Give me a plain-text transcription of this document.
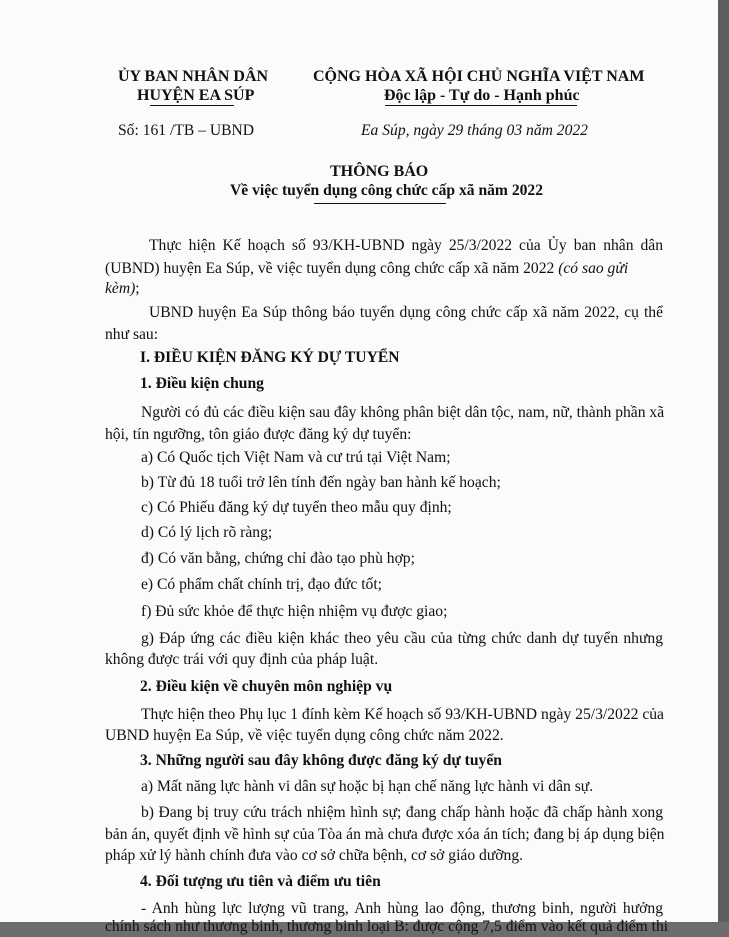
ỦY BAN NHÂN DÂN
HUYỆN EA SÚP
CỘNG HÒA XÃ HỘI CHỦ NGHĨA VIỆT NAM
Độc lập - Tự do - Hạnh phúc
Số: 161 /TB – UBND	Ea Súp, ngày 29 tháng 03 năm 2022
THÔNG BÁO
Về việc tuyển dụng công chức cấp xã năm 2022
Thực hiện Kế hoạch số 93/KH-UBND ngày 25/3/2022 của Ủy ban nhân dân
(UBND) huyện Ea Súp, về việc tuyển dụng công chức cấp xã năm 2022 (có sao gửi
kèm);
UBND huyện Ea Súp thông báo tuyển dụng công chức cấp xã năm 2022, cụ thể
như sau:
I. ĐIỀU KIỆN ĐĂNG KÝ DỰ TUYỂN
1. Điều kiện chung
Người có đủ các điều kiện sau đây không phân biệt dân tộc, nam, nữ, thành phần xã
hội, tín ngưỡng, tôn giáo được đăng ký dự tuyển:
a) Có Quốc tịch Việt Nam và cư trú tại Việt Nam;
b) Từ đủ 18 tuổi trở lên tính đến ngày ban hành kế hoạch;
c) Có Phiếu đăng ký dự tuyển theo mẫu quy định;
d) Có lý lịch rõ ràng;
đ) Có văn bằng, chứng chỉ đào tạo phù hợp;
e) Có phẩm chất chính trị, đạo đức tốt;
f) Đủ sức khỏe để thực hiện nhiệm vụ được giao;
g) Đáp ứng các điều kiện khác theo yêu cầu của từng chức danh dự tuyển nhưng
không được trái với quy định của pháp luật.
2. Điều kiện về chuyên môn nghiệp vụ
Thực hiện theo Phụ lục 1 đính kèm Kế hoạch số 93/KH-UBND ngày 25/3/2022 của
UBND huyện Ea Súp, về việc tuyển dụng công chức năm 2022.
3. Những người sau đây không được đăng ký dự tuyển
a) Mất năng lực hành vi dân sự hoặc bị hạn chế năng lực hành vi dân sự.
b) Đang bị truy cứu trách nhiệm hình sự; đang chấp hành hoặc đã chấp hành xong
bản án, quyết định về hình sự của Tòa án mà chưa được xóa án tích; đang bị áp dụng biện
pháp xử lý hành chính đưa vào cơ sở chữa bệnh, cơ sở giáo dưỡng.
4. Đối tượng ưu tiên và điểm ưu tiên
- Anh hùng lực lượng vũ trang, Anh hùng lao động, thương binh, người hưởng
chính sách như thương binh, thương binh loại B: được cộng 7,5 điểm vào kết quả điểm thi
